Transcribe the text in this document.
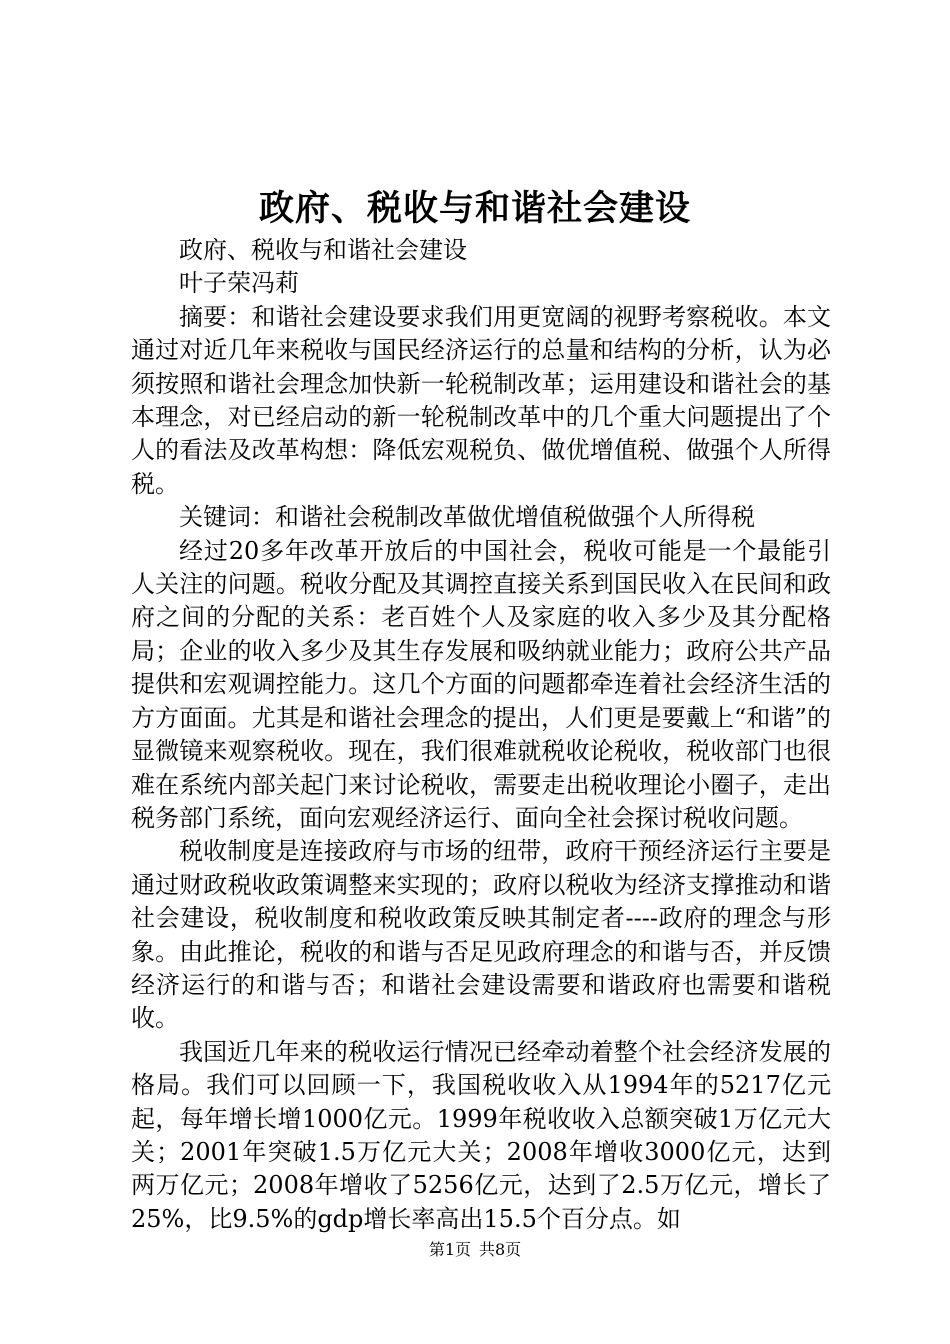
政府、税收与和谐社会建设

政府、税收与和谐社会建设

叶子荣冯莉

摘要：和谐社会建设要求我们用更宽阔的视野考察税收。本文通过对近几年来税收与国民经济运行的总量和结构的分析，认为必须按照和谐社会理念加快新一轮税制改革；运用建设和谐社会的基本理念，对已经启动的新一轮税制改革中的几个重大问题提出了个人的看法及改革构想：降低宏观税负、做优增值税、做强个人所得税。

关键词：和谐社会税制改革做优增值税做强个人所得税

经过20多年改革开放后的中国社会，税收可能是一个最能引人关注的问题。税收分配及其调控直接关系到国民收入在民间和政府之间的分配的关系：老百姓个人及家庭的收入多少及其分配格局；企业的收入多少及其生存发展和吸纳就业能力；政府公共产品提供和宏观调控能力。这几个方面的问题都牵连着社会经济生活的方方面面。尤其是和谐社会理念的提出，人们更是要戴上“和谐”的显微镜来观察税收。现在，我们很难就税收论税收，税收部门也很难在系统内部关起门来讨论税收，需要走出税收理论小圈子，走出税务部门系统，面向宏观经济运行、面向全社会探讨税收问题。

税收制度是连接政府与市场的纽带，政府干预经济运行主要是通过财政税收政策调整来实现的；政府以税收为经济支撑推动和谐社会建设，税收制度和税收政策反映其制定者----政府的理念与形象。由此推论，税收的和谐与否足见政府理念的和谐与否，并反馈经济运行的和谐与否；和谐社会建设需要和谐政府也需要和谐税收。

我国近几年来的税收运行情况已经牵动着整个社会经济发展的格局。我们可以回顾一下，我国税收收入从1994年的5217亿元起，每年增长增1000亿元。1999年税收收入总额突破1万亿元大关；2001年突破1.5万亿元大关；2008年增收3000亿元，达到两万亿元；2008年增收了5256亿元，达到了2.5万亿元，增长了25%，比9.5%的gdp增长率高出15.5个百分点。如

第1页 共8页
